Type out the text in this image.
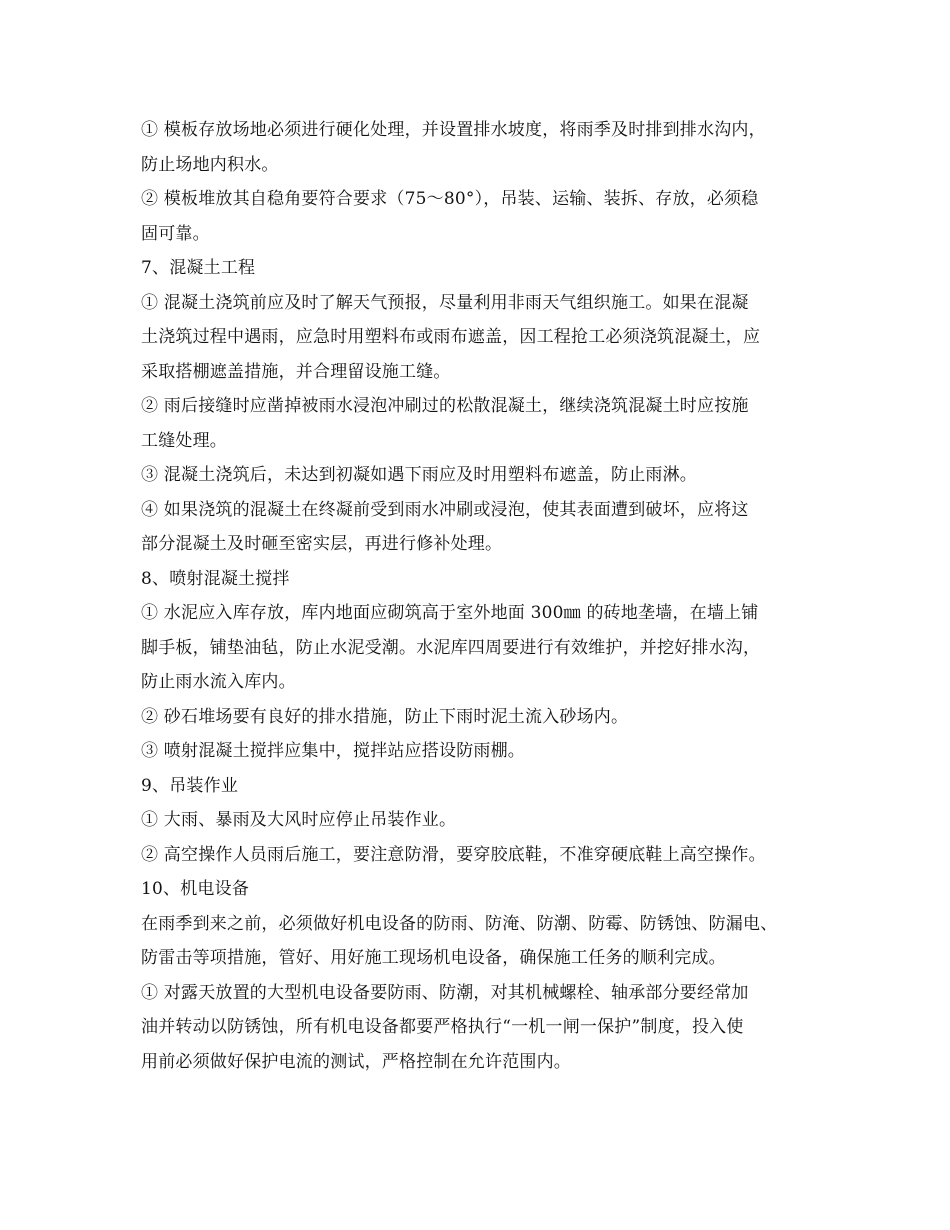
① 模板存放场地必须进行硬化处理，并设置排水坡度，将雨季及时排到排水沟内，
防止场地内积水。
② 模板堆放其自稳角要符合要求（75～80°），吊装、运输、装拆、存放，必须稳
固可靠。
7、混凝土工程
① 混凝土浇筑前应及时了解天气预报，尽量利用非雨天气组织施工。如果在混凝
土浇筑过程中遇雨，应急时用塑料布或雨布遮盖，因工程抢工必须浇筑混凝土，应
采取搭棚遮盖措施，并合理留设施工缝。
② 雨后接缝时应凿掉被雨水浸泡冲刷过的松散混凝土，继续浇筑混凝土时应按施
工缝处理。
③ 混凝土浇筑后，未达到初凝如遇下雨应及时用塑料布遮盖，防止雨淋。
④ 如果浇筑的混凝土在终凝前受到雨水冲刷或浸泡，使其表面遭到破坏，应将这
部分混凝土及时砸至密实层，再进行修补处理。
8、喷射混凝土搅拌
① 水泥应入库存放，库内地面应砌筑高于室外地面 300㎜ 的砖地垄墙，在墙上铺
脚手板，铺垫油毡，防止水泥受潮。水泥库四周要进行有效维护，并挖好排水沟，
防止雨水流入库内。
② 砂石堆场要有良好的排水措施，防止下雨时泥土流入砂场内。
③ 喷射混凝土搅拌应集中，搅拌站应搭设防雨棚。
9、吊装作业
① 大雨、暴雨及大风时应停止吊装作业。
② 高空操作人员雨后施工，要注意防滑，要穿胶底鞋，不准穿硬底鞋上高空操作。
10、机电设备
在雨季到来之前，必须做好机电设备的防雨、防淹、防潮、防霉、防锈蚀、防漏电、
防雷击等项措施，管好、用好施工现场机电设备，确保施工任务的顺利完成。
① 对露天放置的大型机电设备要防雨、防潮，对其机械螺栓、轴承部分要经常加
油并转动以防锈蚀，所有机电设备都要严格执行“一机一闸一保护”制度，投入使
用前必须做好保护电流的测试，严格控制在允许范围内。
